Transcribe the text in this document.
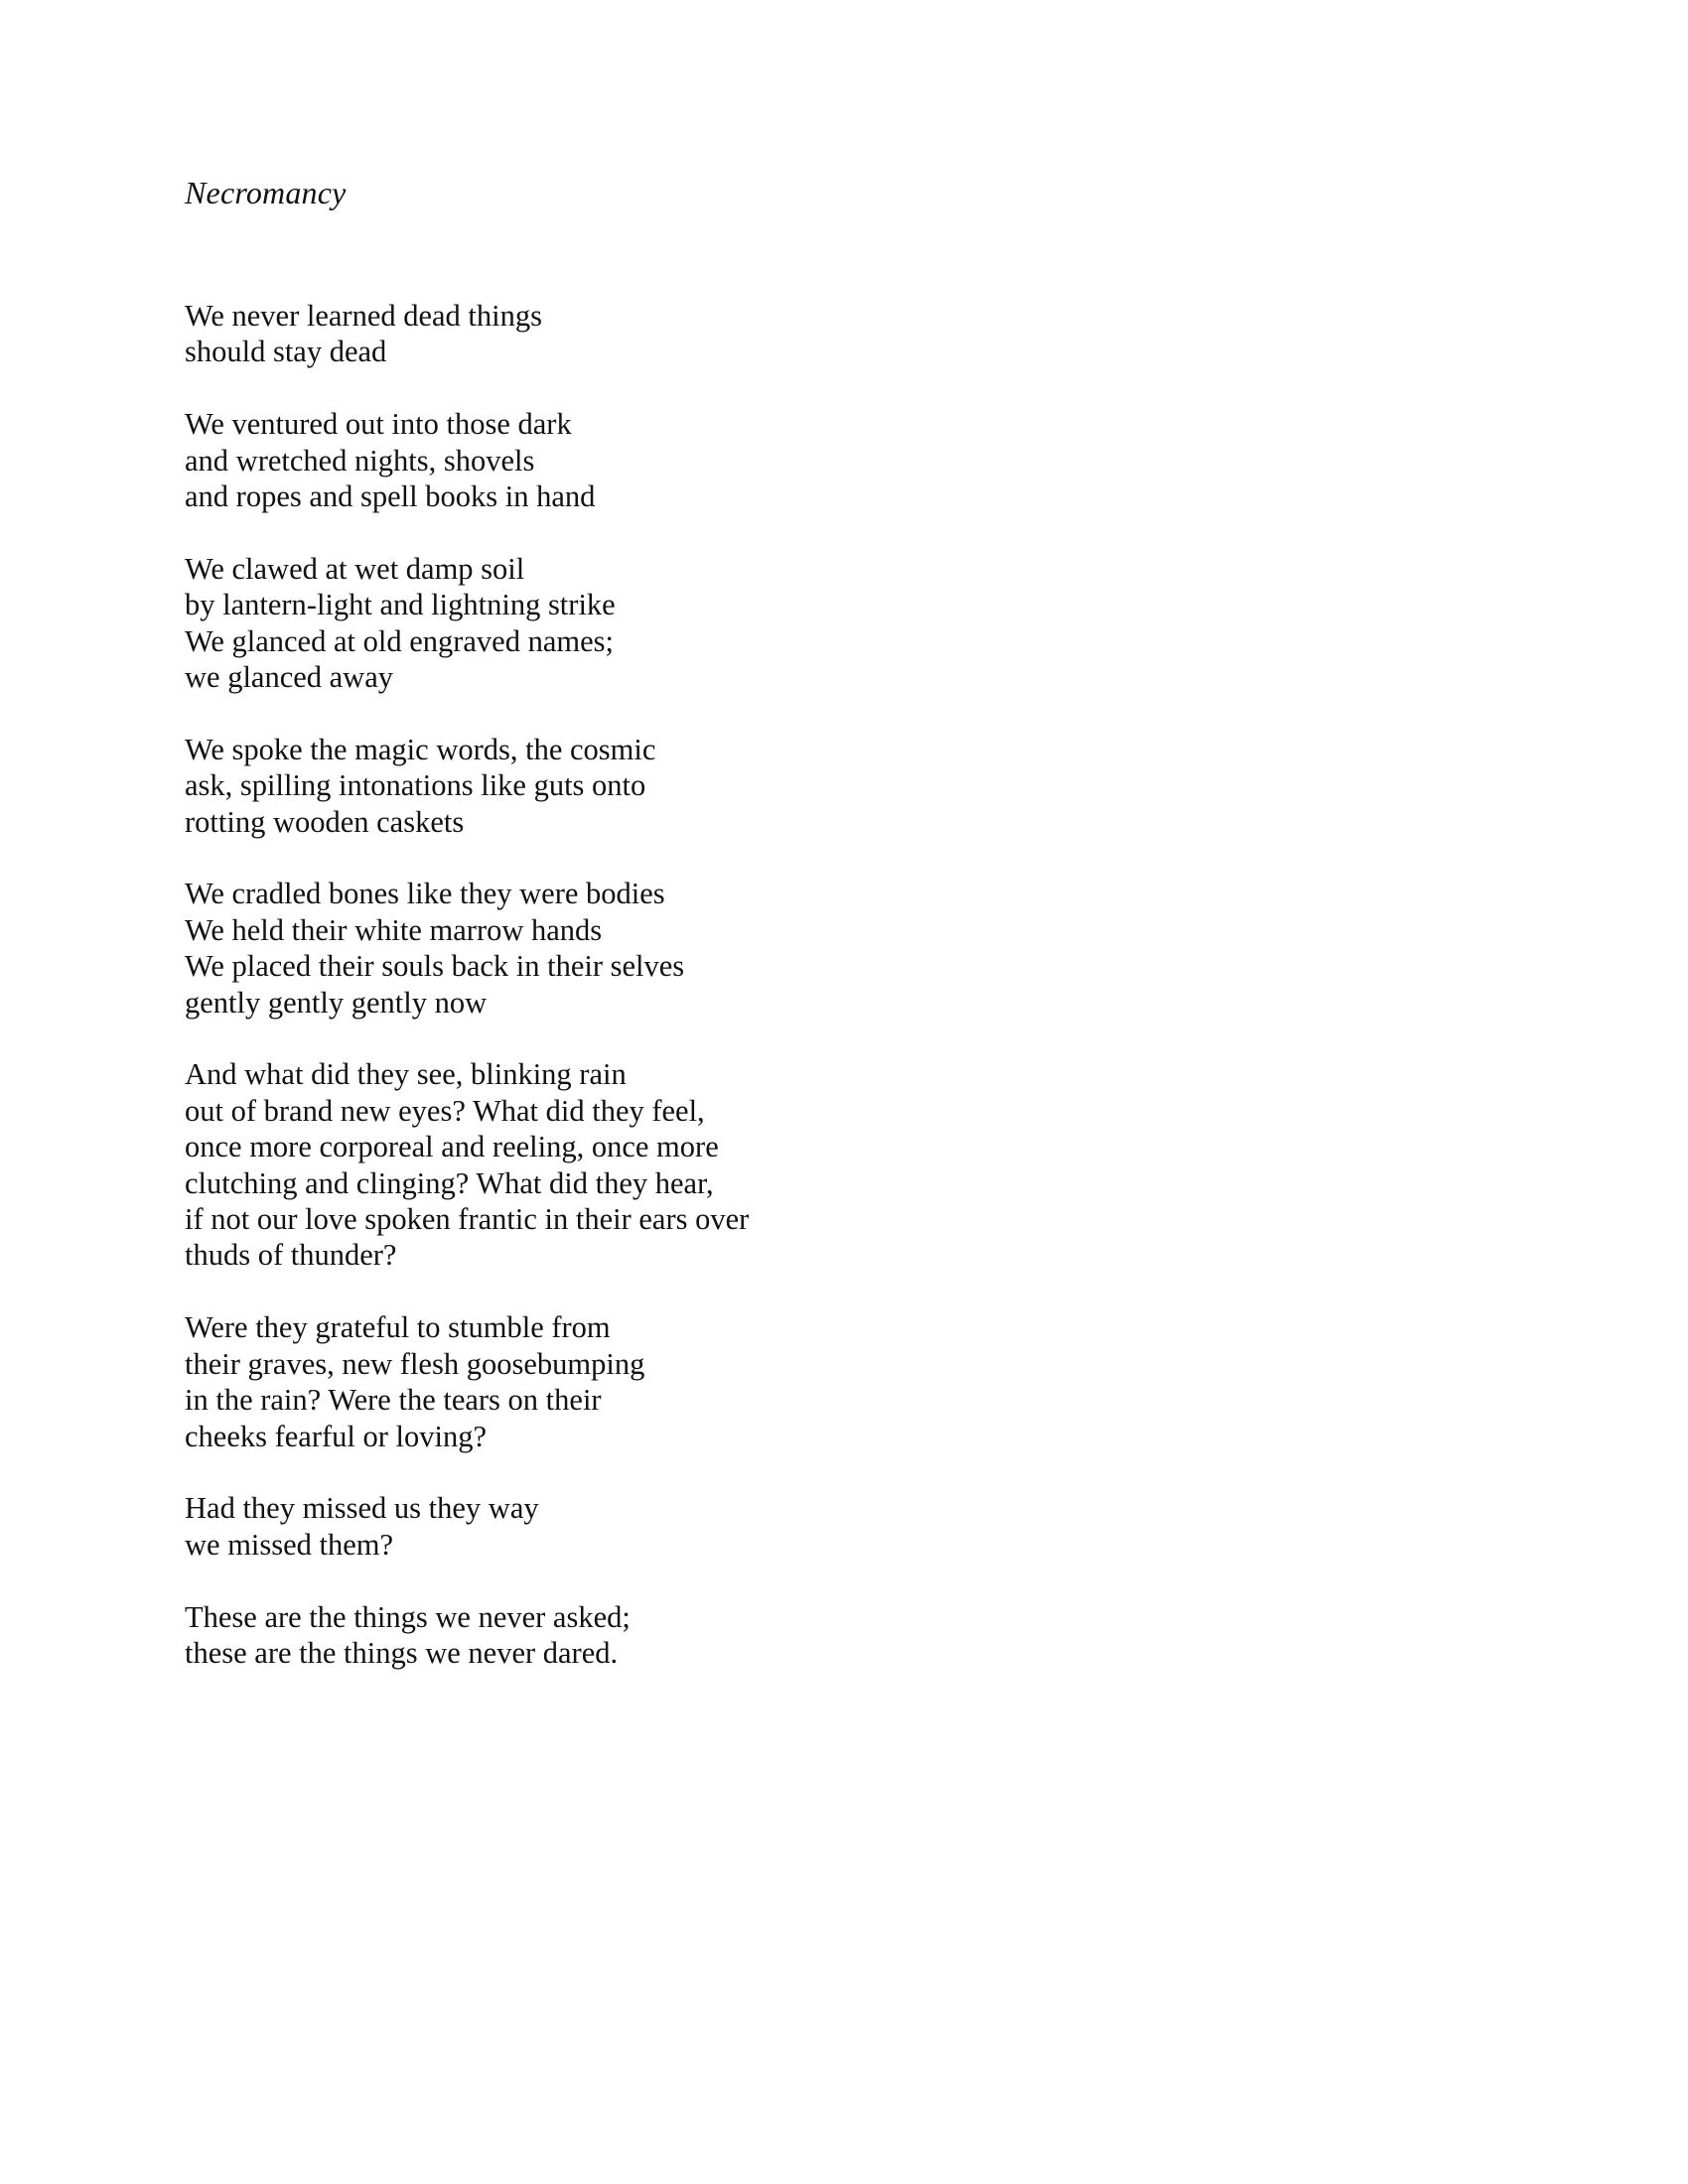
Necromancy
We never learned dead things
should stay dead
We ventured out into those dark
and wretched nights, shovels
and ropes and spell books in hand
We clawed at wet damp soil
by lantern-light and lightning strike
We glanced at old engraved names;
we glanced away
We spoke the magic words, the cosmic
ask, spilling intonations like guts onto
rotting wooden caskets
We cradled bones like they were bodies
We held their white marrow hands
We placed their souls back in their selves
gently gently gently now
And what did they see, blinking rain
out of brand new eyes? What did they feel,
once more corporeal and reeling, once more
clutching and clinging? What did they hear,
if not our love spoken frantic in their ears over
thuds of thunder?
Were they grateful to stumble from
their graves, new flesh goosebumping
in the rain? Were the tears on their
cheeks fearful or loving?
Had they missed us they way
we missed them?
These are the things we never asked;
these are the things we never dared.
